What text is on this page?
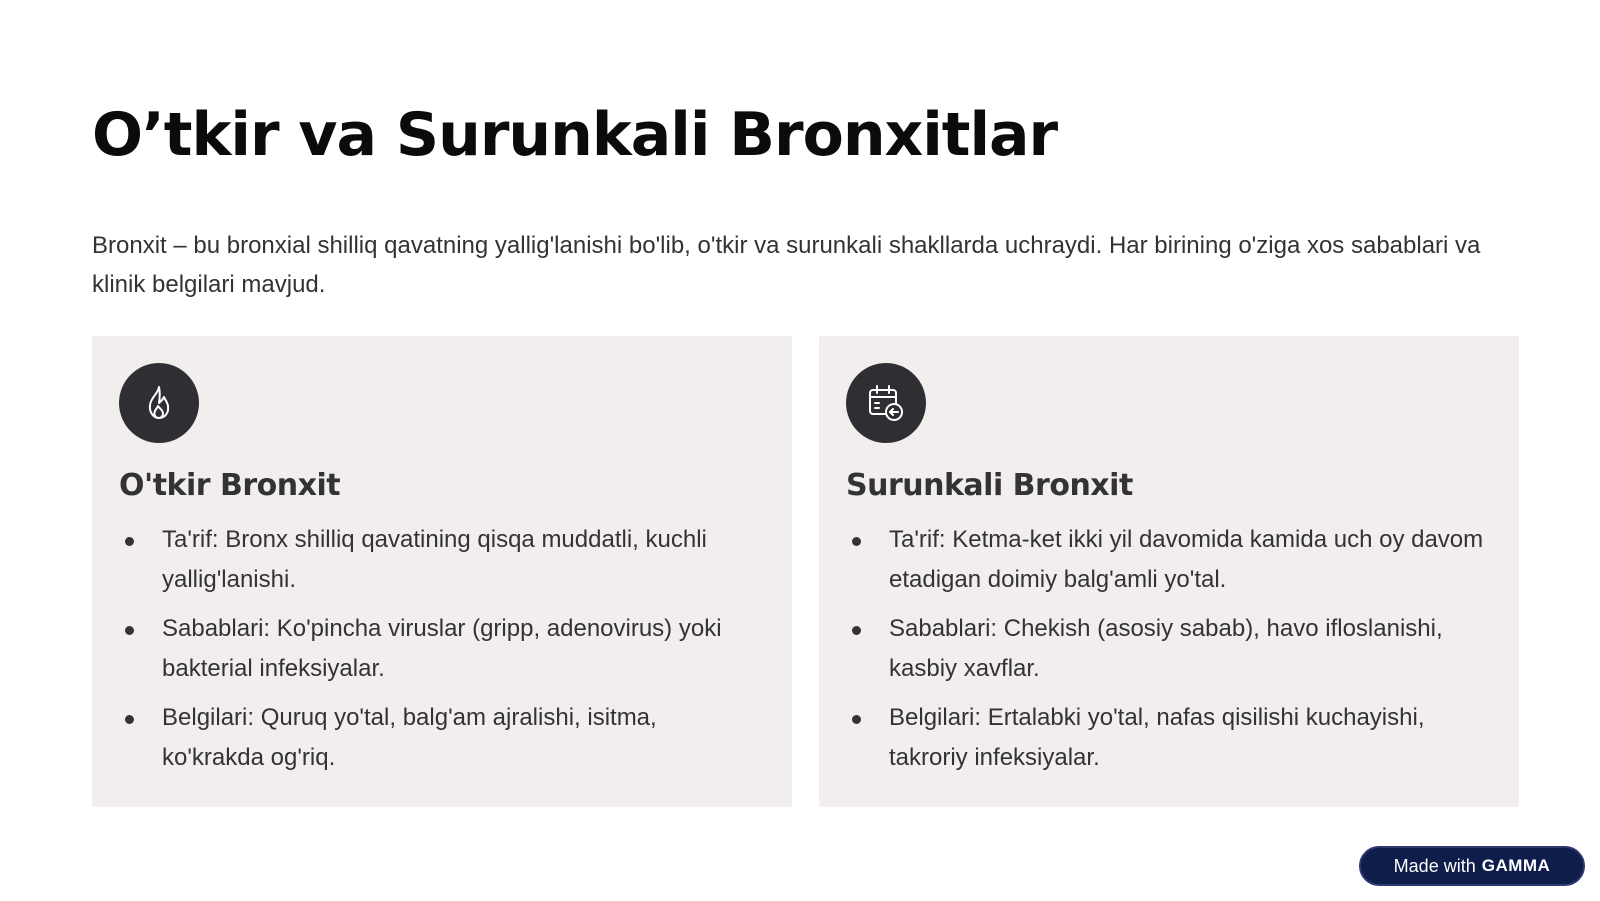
O’tkir va Surunkali Bronxitlar

Bronxit – bu bronxial shilliq qavatning yallig'lanishi bo'lib, o'tkir va surunkali shakllarda uchraydi. Har birining o'ziga xos sabablari va klinik belgilari mavjud.

O'tkir Bronxit
Ta'rif: Bronx shilliq qavatining qisqa muddatli, kuchli yallig'lanishi.
Sabablari: Ko'pincha viruslar (gripp, adenovirus) yoki bakterial infeksiyalar.
Belgilari: Quruq yo'tal, balg'am ajralishi, isitma, ko'krakda og'riq.
Surunkali Bronxit
Ta'rif: Ketma-ket ikki yil davomida kamida uch oy davom etadigan doimiy balg'amli yo'tal.
Sabablari: Chekish (asosiy sabab), havo ifloslanishi, kasbiy xavflar.
Belgilari: Ertalabki yo'tal, nafas qisilishi kuchayishi, takroriy infeksiyalar.
Made with GAMMA
